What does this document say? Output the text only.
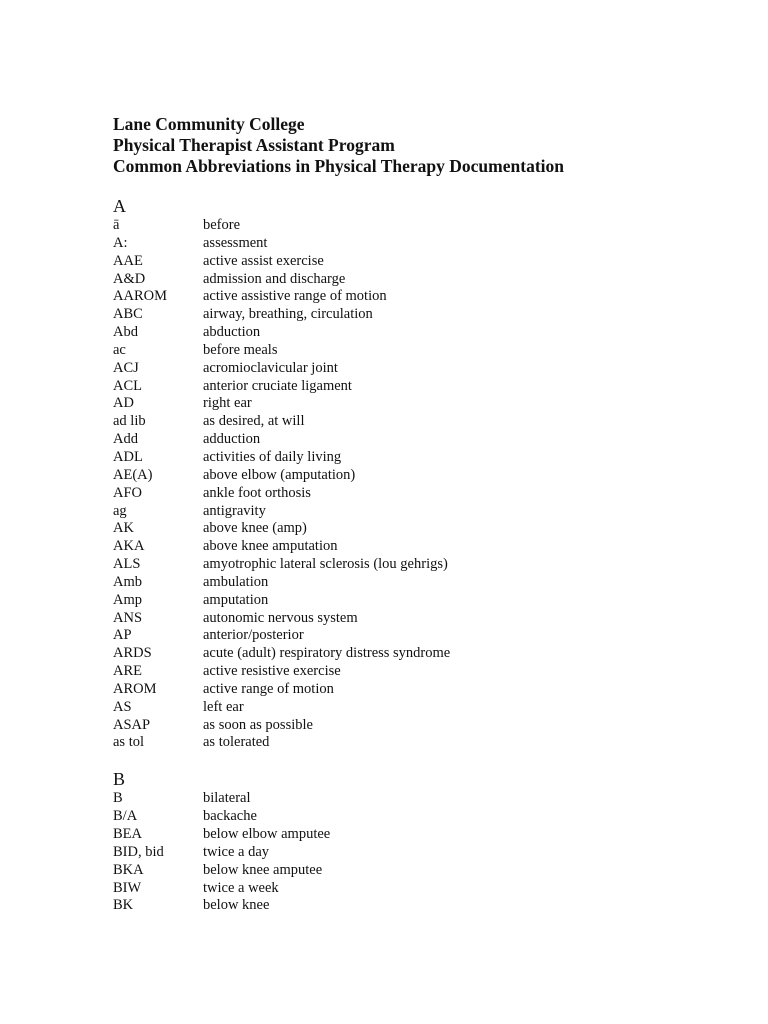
Lane Community College
Physical Therapist Assistant Program
Common Abbreviations in Physical Therapy Documentation
A
ā	before
A:	assessment
AAE	active assist exercise
A&D	admission and discharge
AAROM	active assistive range of motion
ABC	airway, breathing, circulation
Abd	abduction
ac	before meals
ACJ	acromioclavicular joint
ACL	anterior cruciate ligament
AD	right ear
ad lib	as desired, at will
Add	adduction
ADL	activities of daily living
AE(A)	above elbow (amputation)
AFO	ankle foot orthosis
ag	antigravity
AK	above knee (amp)
AKA	above knee amputation
ALS	amyotrophic lateral sclerosis (lou gehrigs)
Amb	ambulation
Amp	amputation
ANS	autonomic nervous system
AP	anterior/posterior
ARDS	acute (adult) respiratory distress syndrome
ARE	active resistive exercise
AROM	active range of motion
AS	left ear
ASAP	as soon as possible
as tol	as tolerated
B
B	bilateral
B/A	backache
BEA	below elbow amputee
BID, bid	twice a day
BKA	below knee amputee
BIW	twice a week
BK	below knee
